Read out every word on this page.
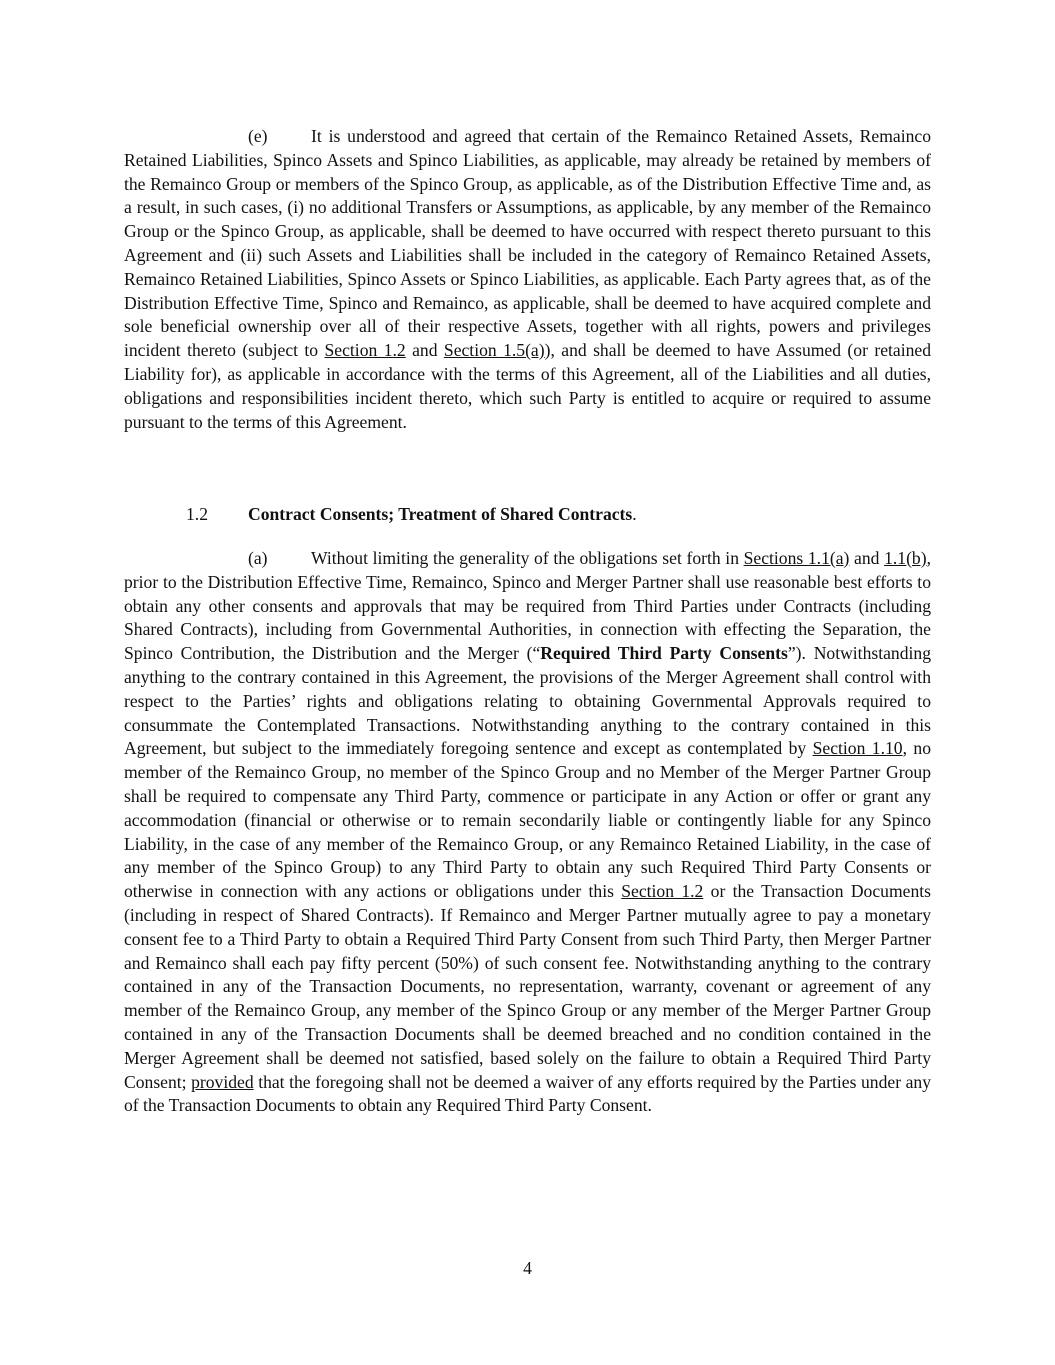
(e) It is understood and agreed that certain of the Remainco Retained Assets, Remainco Retained Liabilities, Spinco Assets and Spinco Liabilities, as applicable, may already be retained by members of the Remainco Group or members of the Spinco Group, as applicable, as of the Distribution Effective Time and, as a result, in such cases, (i) no additional Transfers or Assumptions, as applicable, by any member of the Remainco Group or the Spinco Group, as applicable, shall be deemed to have occurred with respect thereto pursuant to this Agreement and (ii) such Assets and Liabilities shall be included in the category of Remainco Retained Assets, Remainco Retained Liabilities, Spinco Assets or Spinco Liabilities, as applicable. Each Party agrees that, as of the Distribution Effective Time, Spinco and Remainco, as applicable, shall be deemed to have acquired complete and sole beneficial ownership over all of their respective Assets, together with all rights, powers and privileges incident thereto (subject to Section 1.2 and Section 1.5(a)), and shall be deemed to have Assumed (or retained Liability for), as applicable in accordance with the terms of this Agreement, all of the Liabilities and all duties, obligations and responsibilities incident thereto, which such Party is entitled to acquire or required to assume pursuant to the terms of this Agreement.

1.2 Contract Consents; Treatment of Shared Contracts.

(a) Without limiting the generality of the obligations set forth in Sections 1.1(a) and 1.1(b), prior to the Distribution Effective Time, Remainco, Spinco and Merger Partner shall use reasonable best efforts to obtain any other consents and approvals that may be required from Third Parties under Contracts (including Shared Contracts), including from Governmental Authorities, in connection with effecting the Separation, the Spinco Contribution, the Distribution and the Merger (“Required Third Party Consents”). Notwithstanding anything to the contrary contained in this Agreement, the provisions of the Merger Agreement shall control with respect to the Parties’ rights and obligations relating to obtaining Governmental Approvals required to consummate the Contemplated Transactions. Notwithstanding anything to the contrary contained in this Agreement, but subject to the immediately foregoing sentence and except as contemplated by Section 1.10, no member of the Remainco Group, no member of the Spinco Group and no Member of the Merger Partner Group shall be required to compensate any Third Party, commence or participate in any Action or offer or grant any accommodation (financial or otherwise or to remain secondarily liable or contingently liable for any Spinco Liability, in the case of any member of the Remainco Group, or any Remainco Retained Liability, in the case of any member of the Spinco Group) to any Third Party to obtain any such Required Third Party Consents or otherwise in connection with any actions or obligations under this Section 1.2 or the Transaction Documents (including in respect of Shared Contracts). If Remainco and Merger Partner mutually agree to pay a monetary consent fee to a Third Party to obtain a Required Third Party Consent from such Third Party, then Merger Partner and Remainco shall each pay fifty percent (50%) of such consent fee. Notwithstanding anything to the contrary contained in any of the Transaction Documents, no representation, warranty, covenant or agreement of any member of the Remainco Group, any member of the Spinco Group or any member of the Merger Partner Group contained in any of the Transaction Documents shall be deemed breached and no condition contained in the Merger Agreement shall be deemed not satisfied, based solely on the failure to obtain a Required Third Party Consent; provided that the foregoing shall not be deemed a waiver of any efforts required by the Parties under any of the Transaction Documents to obtain any Required Third Party Consent.

4
